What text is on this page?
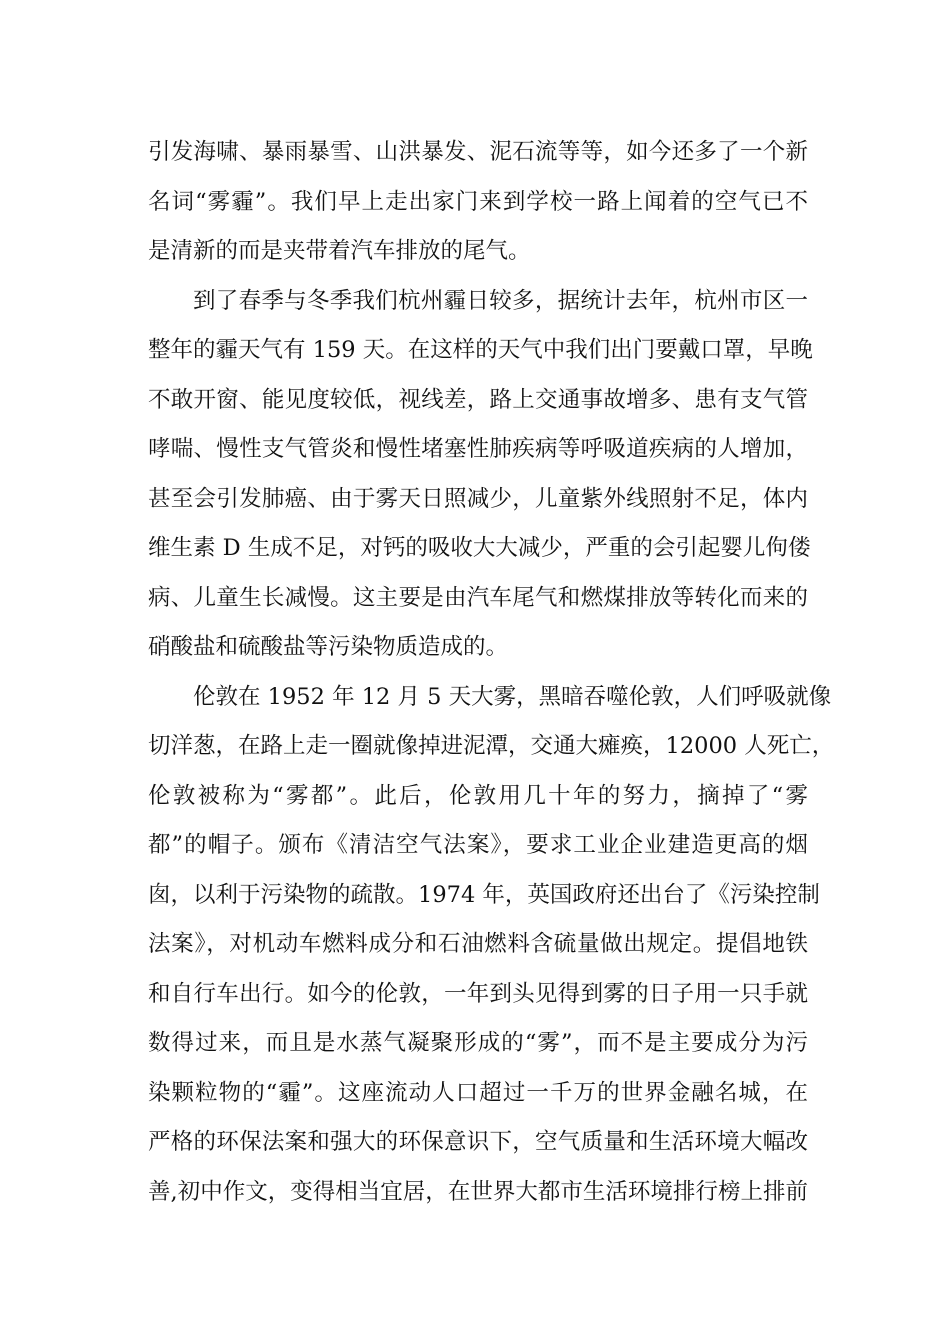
引发海啸、暴雨暴雪、山洪暴发、泥石流等等，如今还多了一个新
名词“雾霾”。我们早上走出家门来到学校一路上闻着的空气已不
是清新的而是夹带着汽车排放的尾气。
到了春季与冬季我们杭州霾日较多，据统计去年，杭州市区一
整年的霾天气有 159 天。在这样的天气中我们出门要戴口罩，早晚
不敢开窗、能见度较低，视线差，路上交通事故增多、患有支气管
哮喘、慢性支气管炎和慢性堵塞性肺疾病等呼吸道疾病的人增加，
甚至会引发肺癌、由于雾天日照减少，儿童紫外线照射不足，体内
维生素 D 生成不足，对钙的吸收大大减少，严重的会引起婴儿佝偻
病、儿童生长减慢。这主要是由汽车尾气和燃煤排放等转化而来的
硝酸盐和硫酸盐等污染物质造成的。
伦敦在 1952 年 12 月 5 天大雾，黑暗吞噬伦敦，人们呼吸就像
切洋葱，在路上走一圈就像掉进泥潭，交通大瘫痪，12000 人死亡，
伦敦被称为“雾都”。此后，伦敦用几十年的努力，摘掉了“雾
都”的帽子。颁布《清洁空气法案》，要求工业企业建造更高的烟
囱，以利于污染物的疏散。1974 年，英国政府还出台了《污染控制
法案》，对机动车燃料成分和石油燃料含硫量做出规定。提倡地铁
和自行车出行。如今的伦敦，一年到头见得到雾的日子用一只手就
数得过来，而且是水蒸气凝聚形成的“雾”，而不是主要成分为污
染颗粒物的“霾”。这座流动人口超过一千万的世界金融名城，在
严格的环保法案和强大的环保意识下，空气质量和生活环境大幅改
善,初中作文，变得相当宜居，在世界大都市生活环境排行榜上排前
